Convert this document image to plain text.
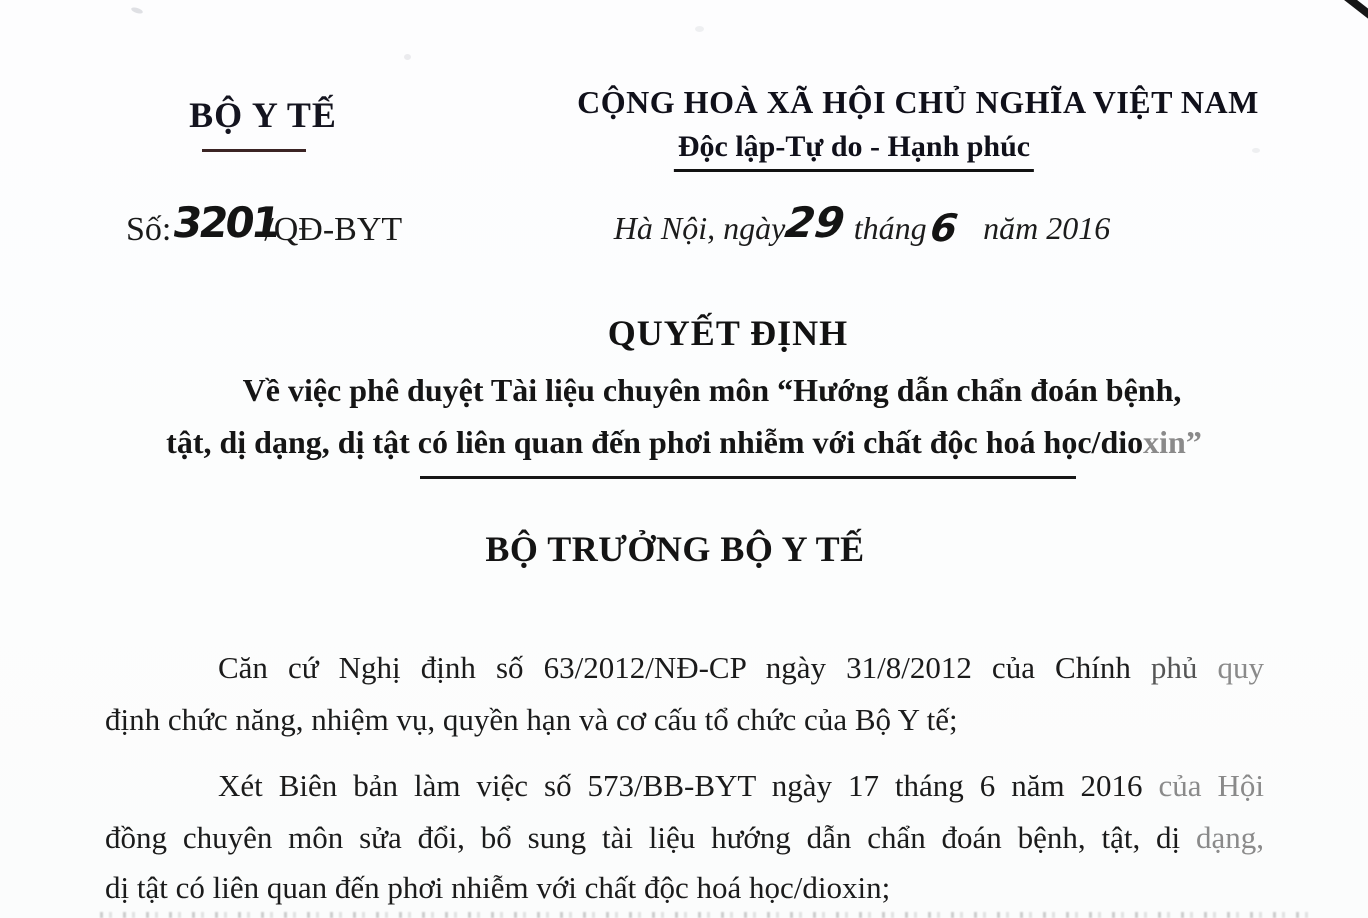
BỘ Y TẾ
Số:3201/QĐ-BYT
CỘNG HOÀ XÃ HỘI CHỦ NGHĨA VIỆT NAM
Độc lập-Tự do - Hạnh phúc
Hà Nội, ngày29 tháng6 năm 2016
QUYẾT ĐỊNH
Về việc phê duyệt Tài liệu chuyên môn “Hướng dẫn chẩn đoán bệnh,
tật, dị dạng, dị tật có liên quan đến phơi nhiễm với chất độc hoá học/dioxin”
BỘ TRƯỞNG BỘ Y TẾ
Căn cứ Nghị định số 63/2012/NĐ-CP ngày 31/8/2012 của Chính phủ quy
định chức năng, nhiệm vụ, quyền hạn và cơ cấu tổ chức của Bộ Y tế;
Xét Biên bản làm việc số 573/BB-BYT ngày 17 tháng 6 năm 2016 của Hội
đồng chuyên môn sửa đổi, bổ sung tài liệu hướng dẫn chẩn đoán bệnh, tật, dị dạng,
dị tật có liên quan đến phơi nhiễm với chất độc hoá học/dioxin;
